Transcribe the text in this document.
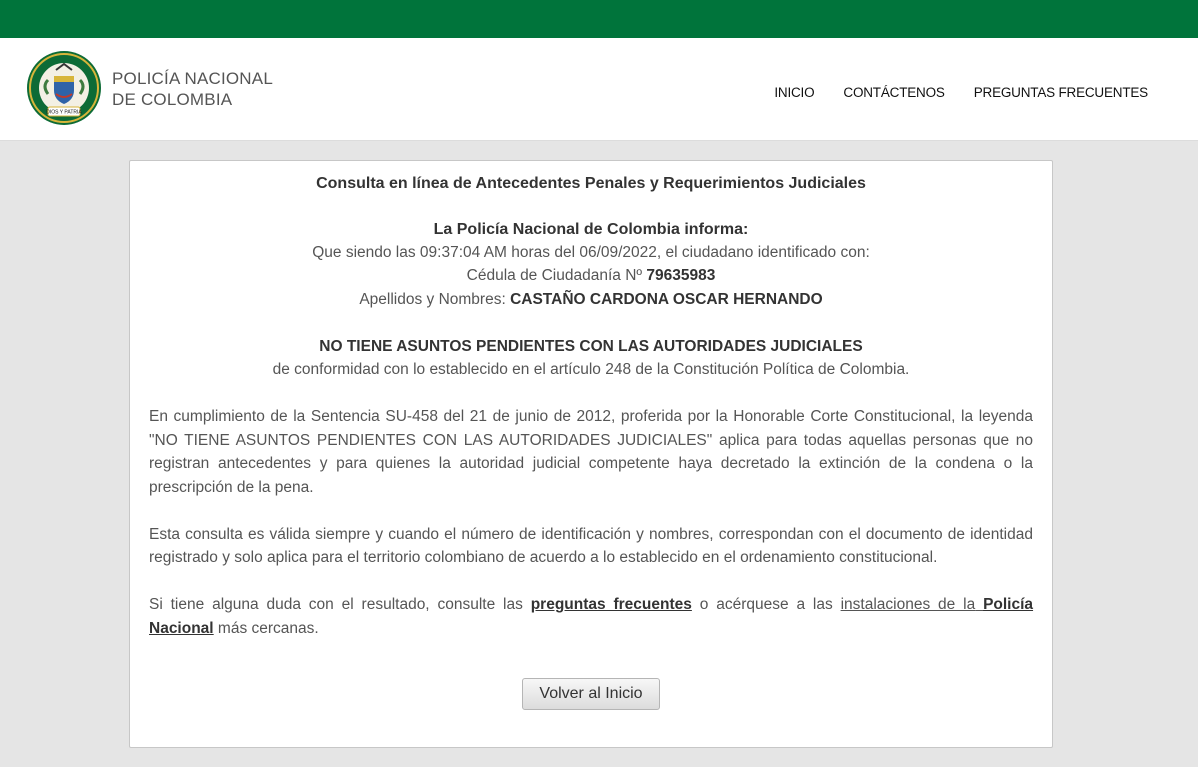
DIOS Y PATRIA
POLICÍA NACIONAL
DE COLOMBIA	INICIO CONTÁCTENOS PREGUNTAS FRECUENTES
Consulta en línea de Antecedentes Penales y Requerimientos Judiciales
La Policía Nacional de Colombia informa:
Que siendo las 09:37:04 AM horas del 06/09/2022, el ciudadano identificado con:
Cédula de Ciudadanía Nº 79635983
Apellidos y Nombres: CASTAÑO CARDONA OSCAR HERNANDO
NO TIENE ASUNTOS PENDIENTES CON LAS AUTORIDADES JUDICIALES
de conformidad con lo establecido en el artículo 248 de la Constitución Política de Colombia.
En cumplimiento de la Sentencia SU-458 del 21 de junio de 2012, proferida por la Honorable Corte Constitucional, la leyenda "NO TIENE ASUNTOS PENDIENTES CON LAS AUTORIDADES JUDICIALES" aplica para todas aquellas personas que no registran antecedentes y para quienes la autoridad judicial competente haya decretado la extinción de la condena o la prescripción de la pena.
Esta consulta es válida siempre y cuando el número de identificación y nombres, correspondan con el documento de identidad registrado y solo aplica para el territorio colombiano de acuerdo a lo establecido en el ordenamiento constitucional.
Si tiene alguna duda con el resultado, consulte las preguntas frecuentes o acérquese a las instalaciones de la Policía Nacional más cercanas.
Volver al Inicio
